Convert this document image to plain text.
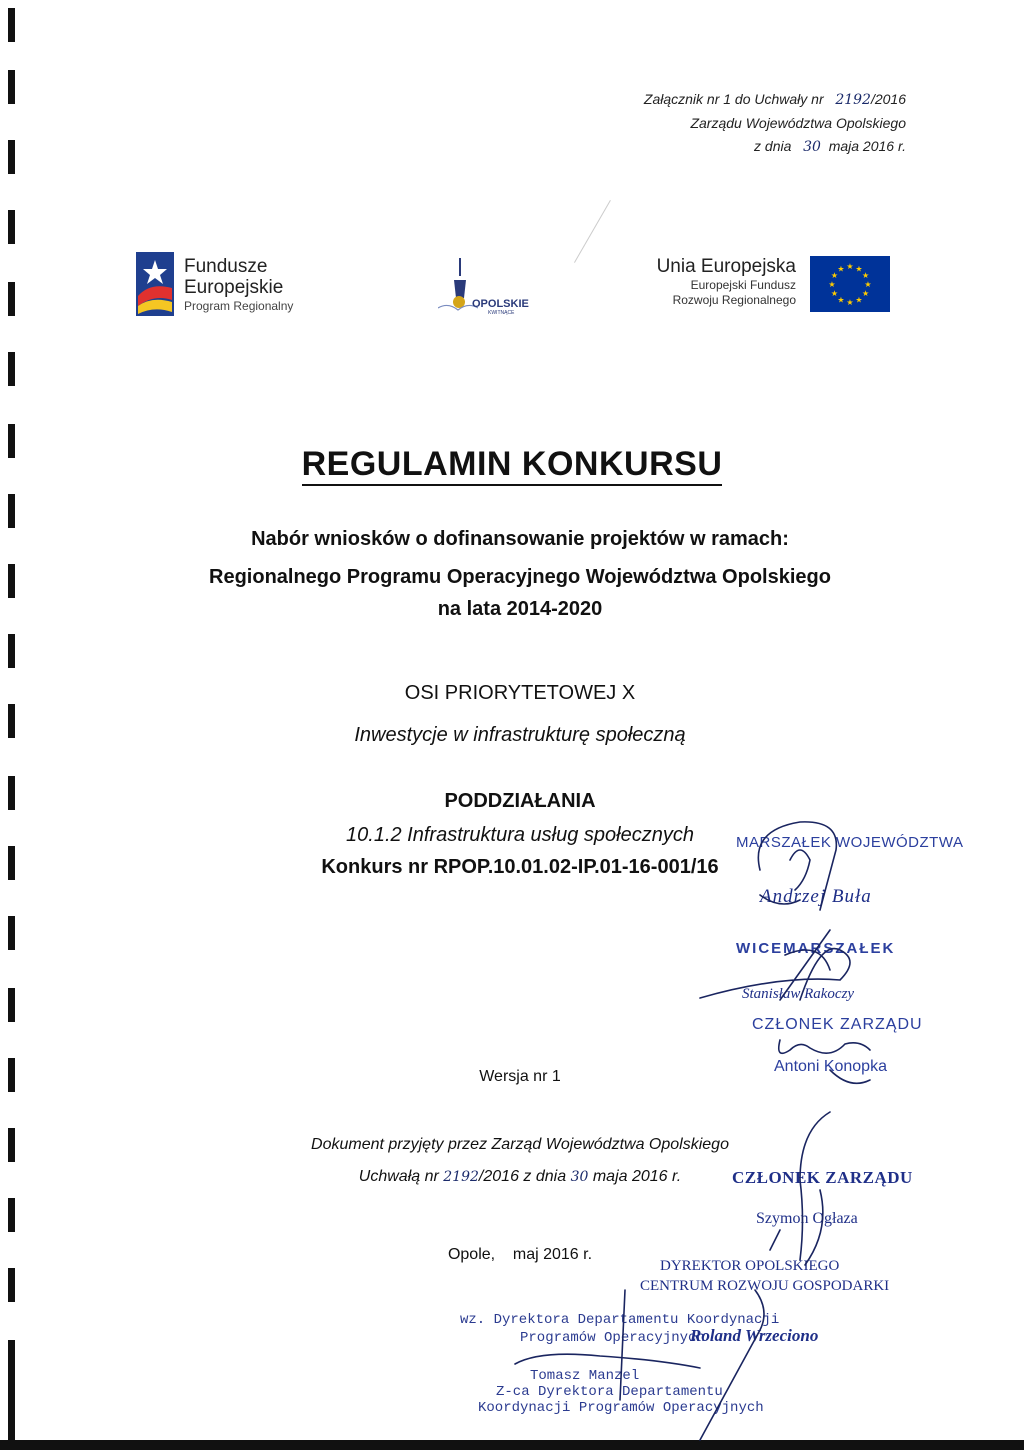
Załącznik nr 1 do Uchwały nr 2192/2016
Zarządu Województwa Opolskiego
z dnia 30 maja 2016 r.
Fundusze
Europejskie
Program Regionalny	OPOLSKIE
KWITNĄCE
Unia Europejska
Europejski Fundusz
Rozwoju Regionalnego
★ ★
★
★
★
★
★
★
★
★
★
★
REGULAMIN KONKURSU
Nabór wniosków o dofinansowanie projektów w ramach:
Regionalnego Programu Operacyjnego Województwa Opolskiego
na lata 2014-2020
OSI PRIORYTETOWEJ X
Inwestycje w infrastrukturę społeczną
PODDZIAŁANIA
10.1.2 Infrastruktura usług społecznych
Konkurs nr RPOP.10.01.02-IP.01-16-001/16
Wersja nr 1
Dokument przyjęty przez Zarząd Województwa Opolskiego
Uchwałą nr 2192/2016 z dnia 30 maja 2016 r.
Opole,    maj 2016 r.
MARSZAŁEK WOJEWÓDZTWA
Andrzej Buła
WICEMARSZAŁEK
Stanisław Rakoczy
CZŁONEK ZARZĄDU
Antoni Konopka
CZŁONEK ZARZĄDU
Szymon Ogłaza
DYREKTOR OPOLSKIEGO
CENTRUM ROZWOJU GOSPODARKI
wz. Dyrektora Departamentu Koordynacji
Programów Operacyjnych
Roland Wrzeciono
Tomasz Manzel
Z-ca Dyrektora Departamentu
Koordynacji Programów Operacyjnych
